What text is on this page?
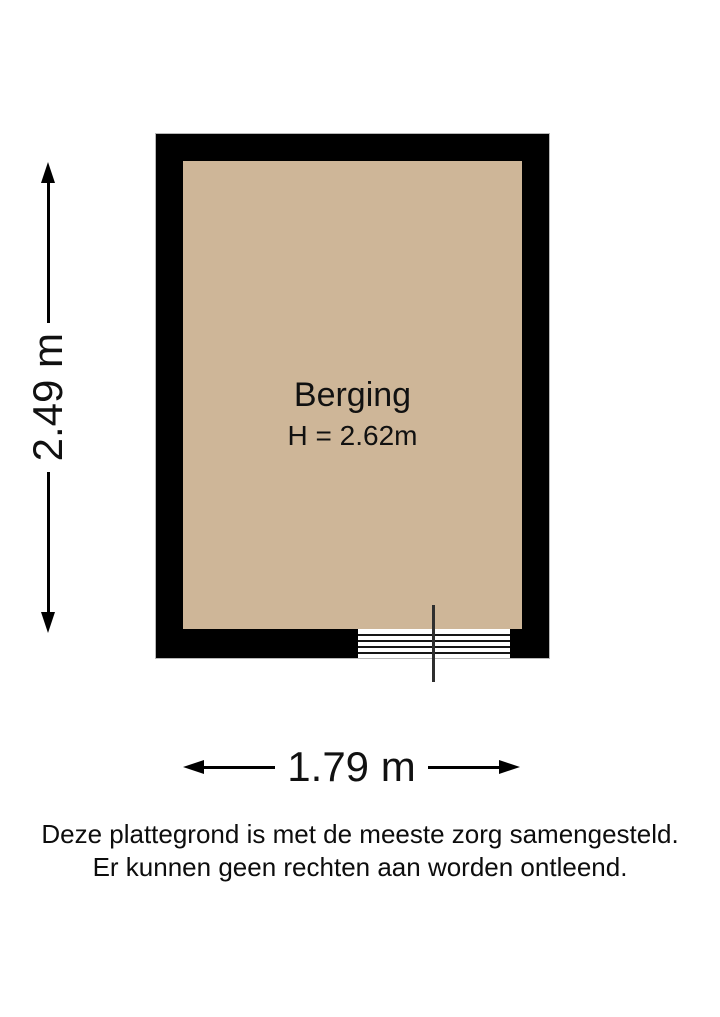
Berging
H = 2.62m
2.49 m
1.79 m
Deze plattegrond is met de meeste zorg samengesteld.
Er kunnen geen rechten aan worden ontleend.
